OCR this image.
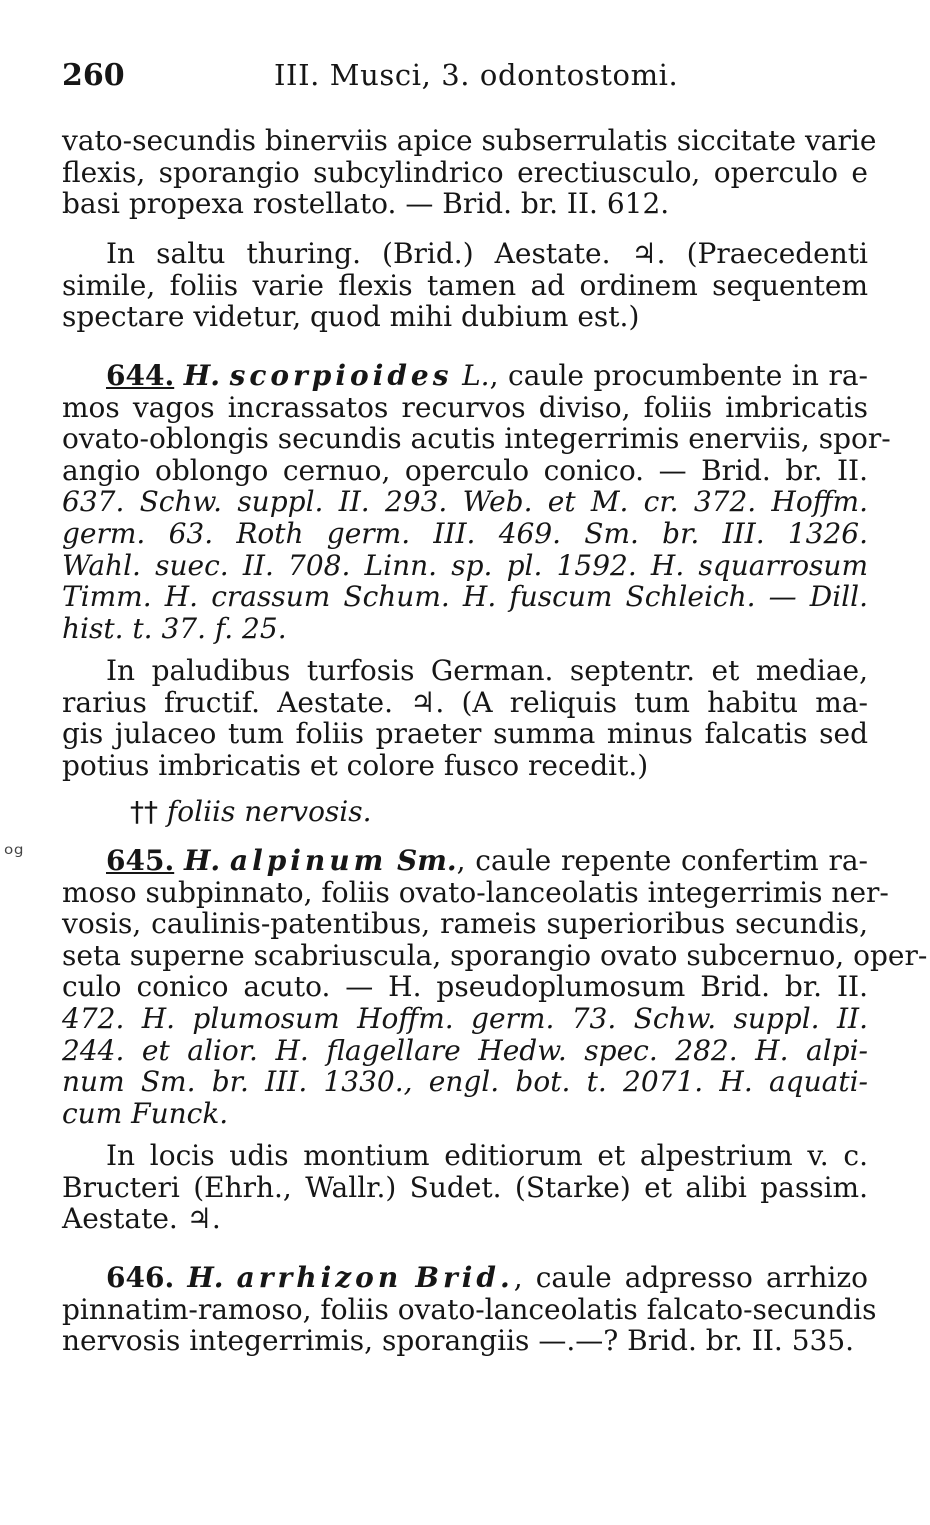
260	III. Musci, 3. odontostomi.
vato-secundis binerviis apice subserrulatis siccitate varie
flexis, sporangio subcylindrico erectiusculo, operculo e
basi propexa rostellato. — Brid. br. II. 612.
In saltu thuring. (Brid.) Aestate. ♃. (Praecedenti
simile, foliis varie flexis tamen ad ordinem sequentem
spectare videtur, quod mihi dubium est.)
644. H. scorpioides L., caule procumbente in ra-
mos vagos incrassatos recurvos diviso, foliis imbricatis
ovato-oblongis secundis acutis integerrimis enerviis, spor-
angio oblongo cernuo, operculo conico. — Brid. br. II.
637. Schw. suppl. II. 293. Web. et M. cr. 372. Hoffm.
germ. 63. Roth germ. III. 469. Sm. br. III. 1326.
Wahl. suec. II. 708. Linn. sp. pl. 1592. H. squarrosum
Timm. H. crassum Schum. H. fuscum Schleich. — Dill.
hist. t. 37. f. 25.
In paludibus turfosis German. septentr. et mediae,
rarius fructif. Aestate. ♃. (A reliquis tum habitu ma-
gis julaceo tum foliis praeter summa minus falcatis sed
potius imbricatis et colore fusco recedit.)
†† foliis nervosis.
645. H. alpinum Sm., caule repente confertim ra-
moso subpinnato, foliis ovato-lanceolatis integerrimis ner-
vosis, caulinis-patentibus, rameis superioribus secundis,
seta superne scabriuscula, sporangio ovato subcernuo, oper-
culo conico acuto. — H. pseudoplumosum Brid. br. II.
472. H. plumosum Hoffm. germ. 73. Schw. suppl. II.
244. et alior. H. flagellare Hedw. spec. 282. H. alpi-
num Sm. br. III. 1330., engl. bot. t. 2071. H. aquati-
cum Funck.
In locis udis montium editiorum et alpestrium v. c.
Bructeri (Ehrh., Wallr.) Sudet. (Starke) et alibi passim.
Aestate. ♃.
646. H. arrhizon Brid., caule adpresso arrhizo
pinnatim-ramoso, foliis ovato-lanceolatis falcato-secundis
nervosis integerrimis, sporangiis —.—? Brid. br. II. 535.
ᵒᵍ
